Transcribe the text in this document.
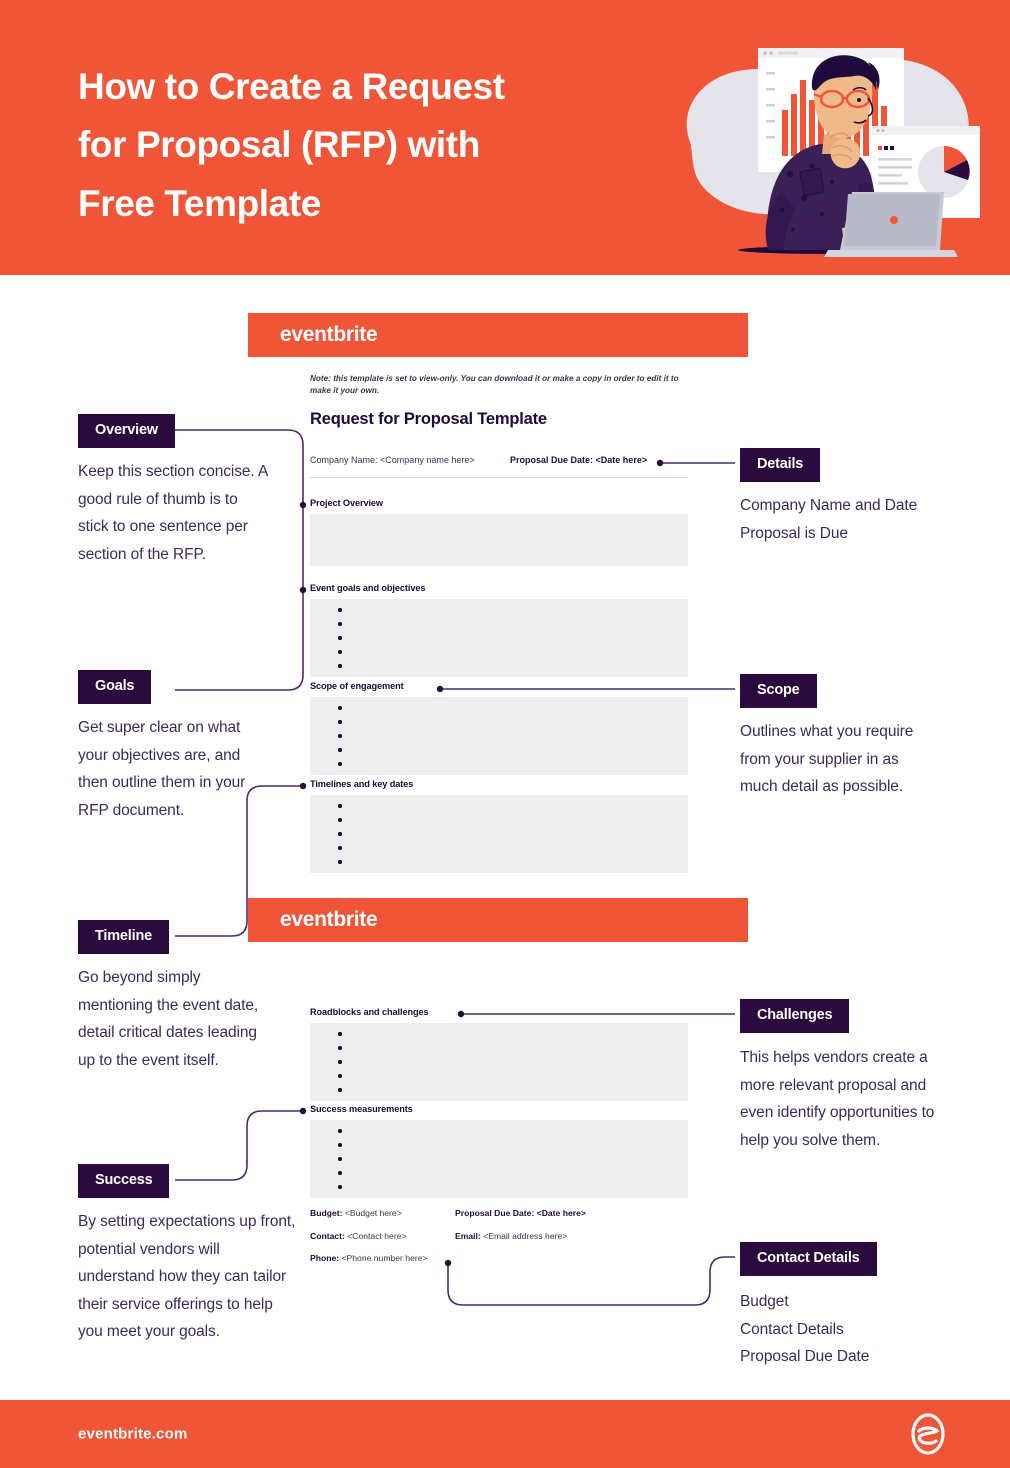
How to Create a Request
for Proposal (RFP) with
Free Template
eventbrite
Note: this template is set to view-only. You can download it or make a copy in order to edit it to make it your own.
Request for Proposal Template
Company Name: <Company name here>	Proposal Due Date: <Date here>
Project Overview
Event goals and objectives
Scope of engagement
Timelines and key dates
eventbrite
Roadblocks and challenges
Success measurements
Budget: <Budget here>	Proposal Due Date: <Date here>
Contact: <Contact here>	Email: <Email address here>
Phone: <Phone number here>
Overview
Keep this section concise. A good rule of thumb is to stick to one sentence per section of the RFP.
Goals
Get super clear on what your objectives are, and then outline them in your RFP document.
Timeline
Go beyond simply mentioning the event date, detail critical dates leading up to the event itself.
Success
By setting expectations up front, potential vendors will understand how they can tailor their service offerings to help you meet your goals.
Details
Company Name and Date Proposal is Due
Scope
Outlines what you require from your supplier in as much detail as possible.
Challenges
This helps vendors create a more relevant proposal and even identify opportunities to help you solve them.
Contact Details
Budget
Contact Details
Proposal Due Date
eventbrite.com
